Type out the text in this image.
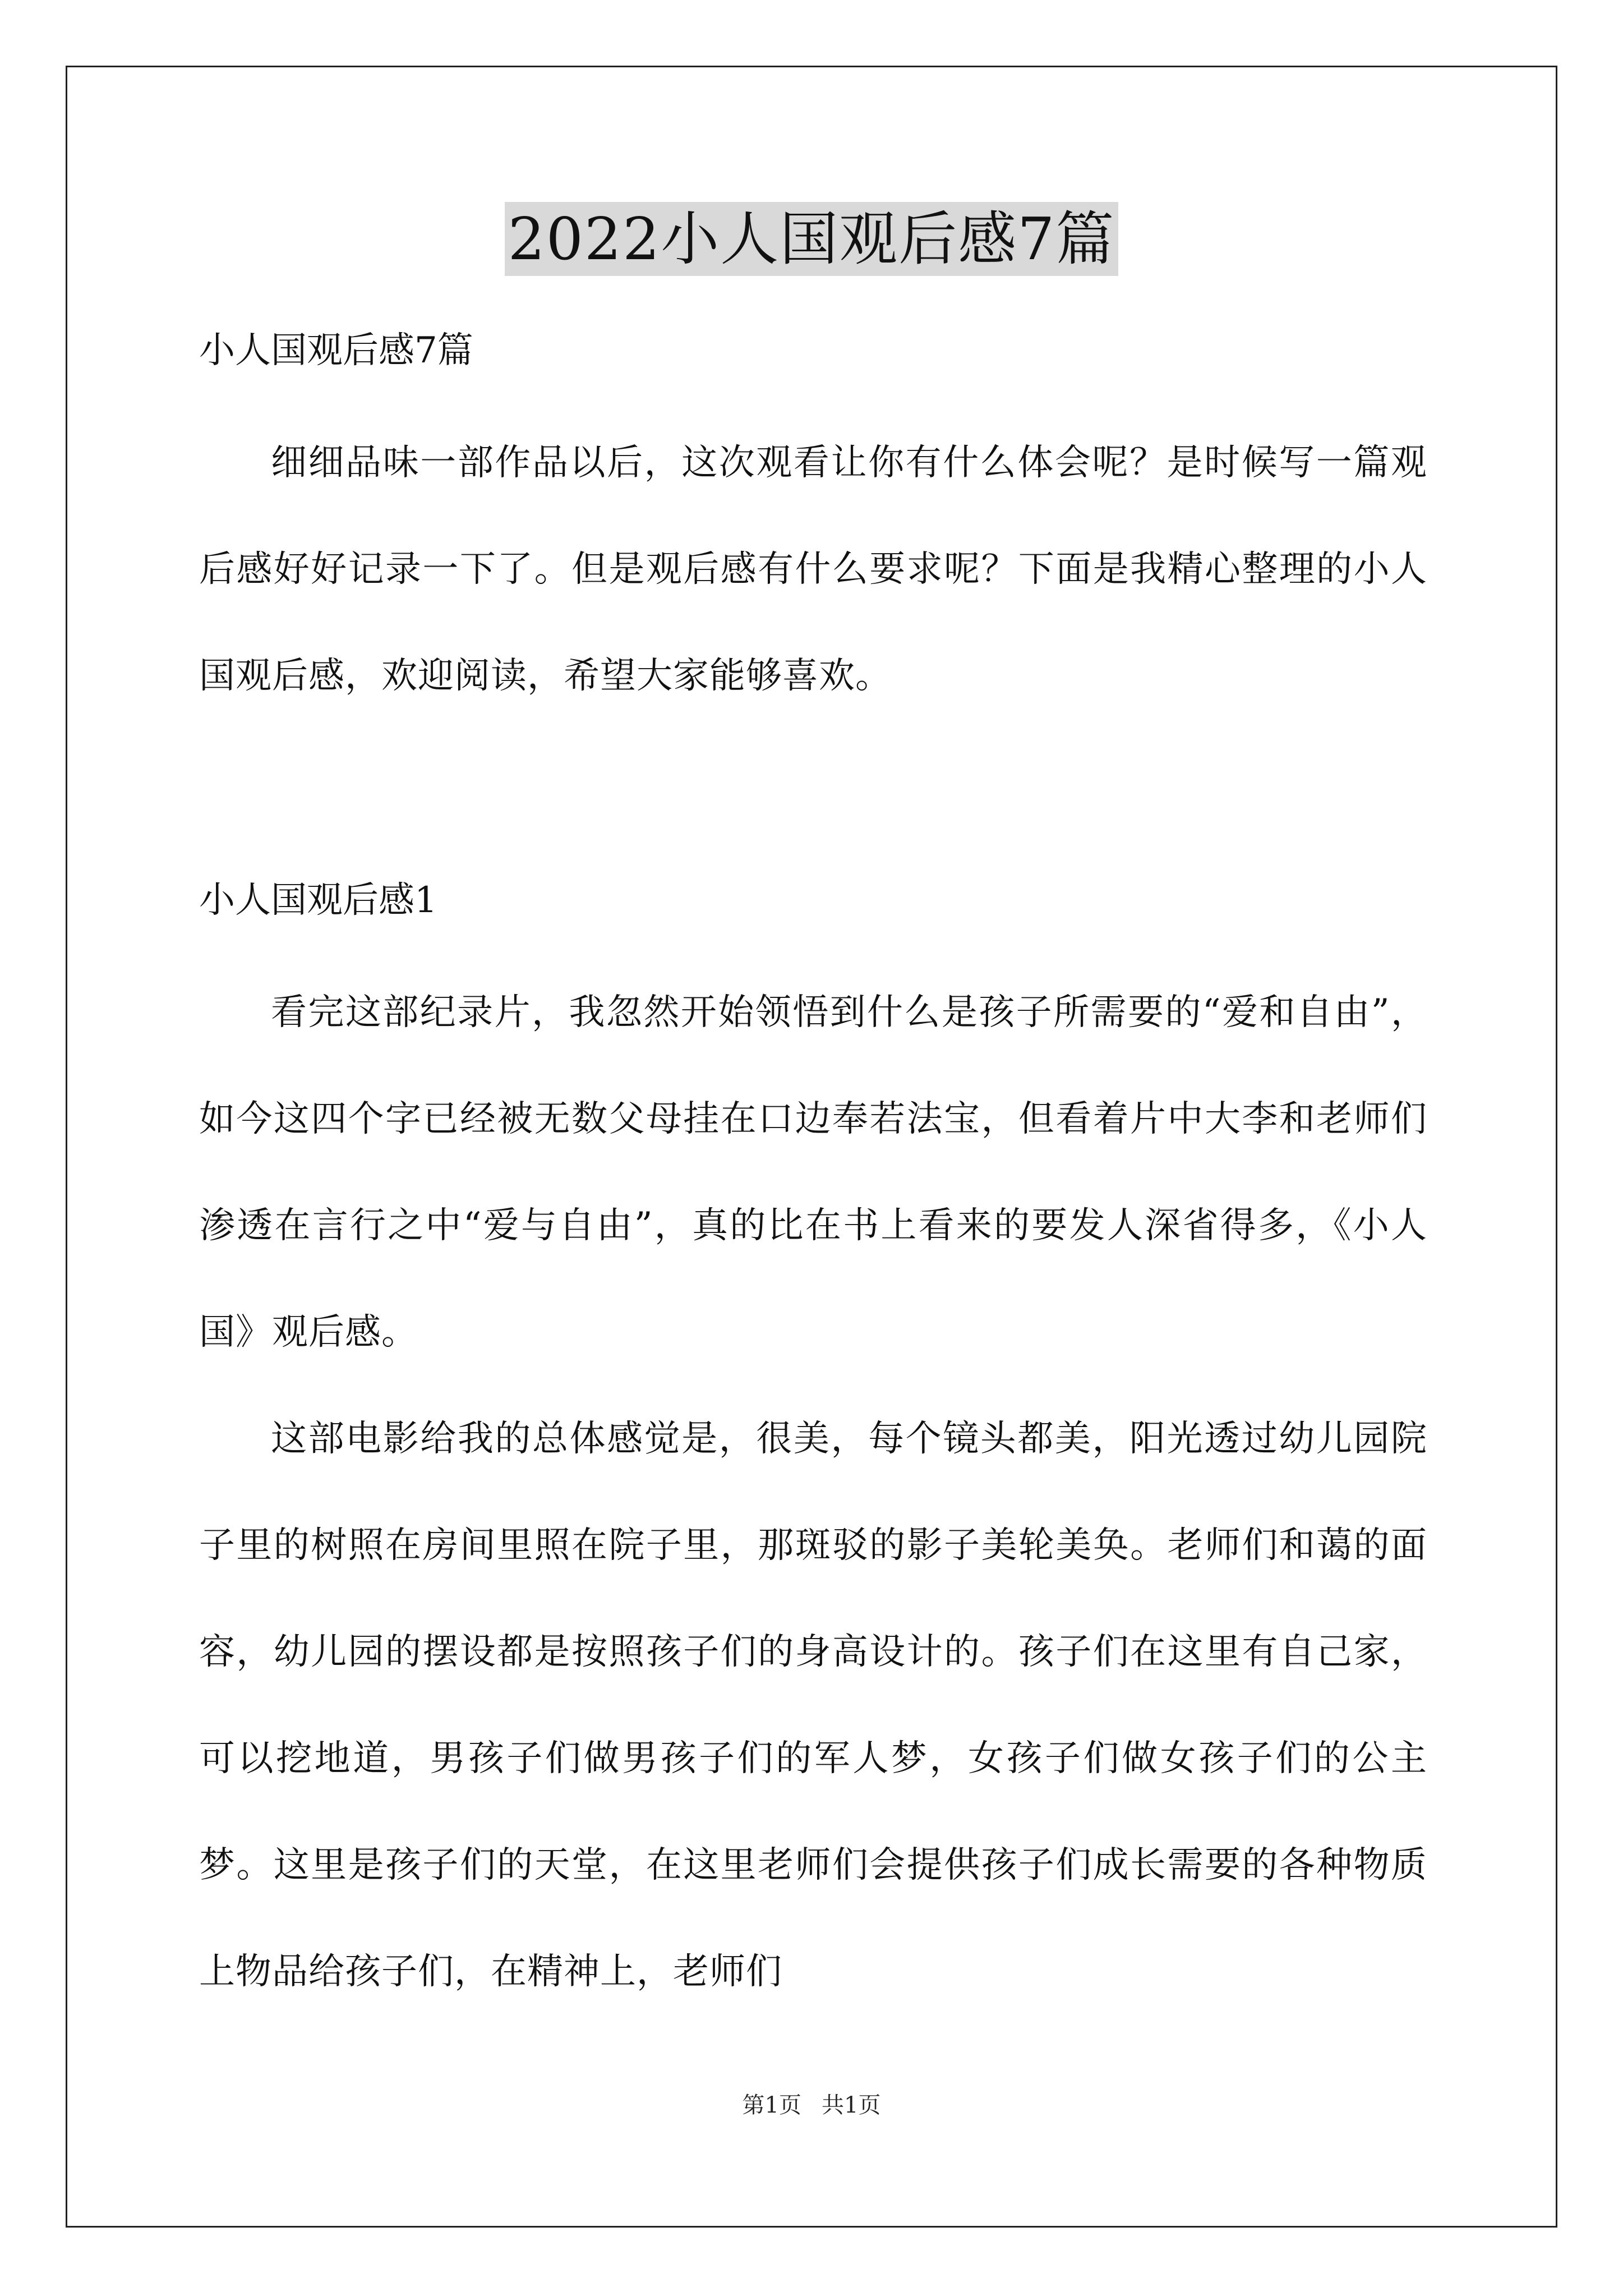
2022小人国观后感7篇

小人国观后感7篇

细细品味一部作品以后，这次观看让你有什么体会呢？是时候写一篇观后感好好记录一下了。但是观后感有什么要求呢？下面是我精心整理的小人国观后感，欢迎阅读，希望大家能够喜欢。

小人国观后感1

看完这部纪录片，我忽然开始领悟到什么是孩子所需要的“爱和自由”，如今这四个字已经被无数父母挂在口边奉若法宝，但看着片中大李和老师们渗透在言行之中“爱与自由”，真的比在书上看来的要发人深省得多，《小人国》观后感。

这部电影给我的总体感觉是，很美，每个镜头都美，阳光透过幼儿园院子里的树照在房间里照在院子里，那斑驳的影子美轮美奂。老师们和蔼的面容，幼儿园的摆设都是按照孩子们的身高设计的。孩子们在这里有自己家，可以挖地道，男孩子们做男孩子们的军人梦，女孩子们做女孩子们的公主梦。这里是孩子们的天堂，在这里老师们会提供孩子们成长需要的各种物质上物品给孩子们，在精神上，老师们

第1页 共1页
